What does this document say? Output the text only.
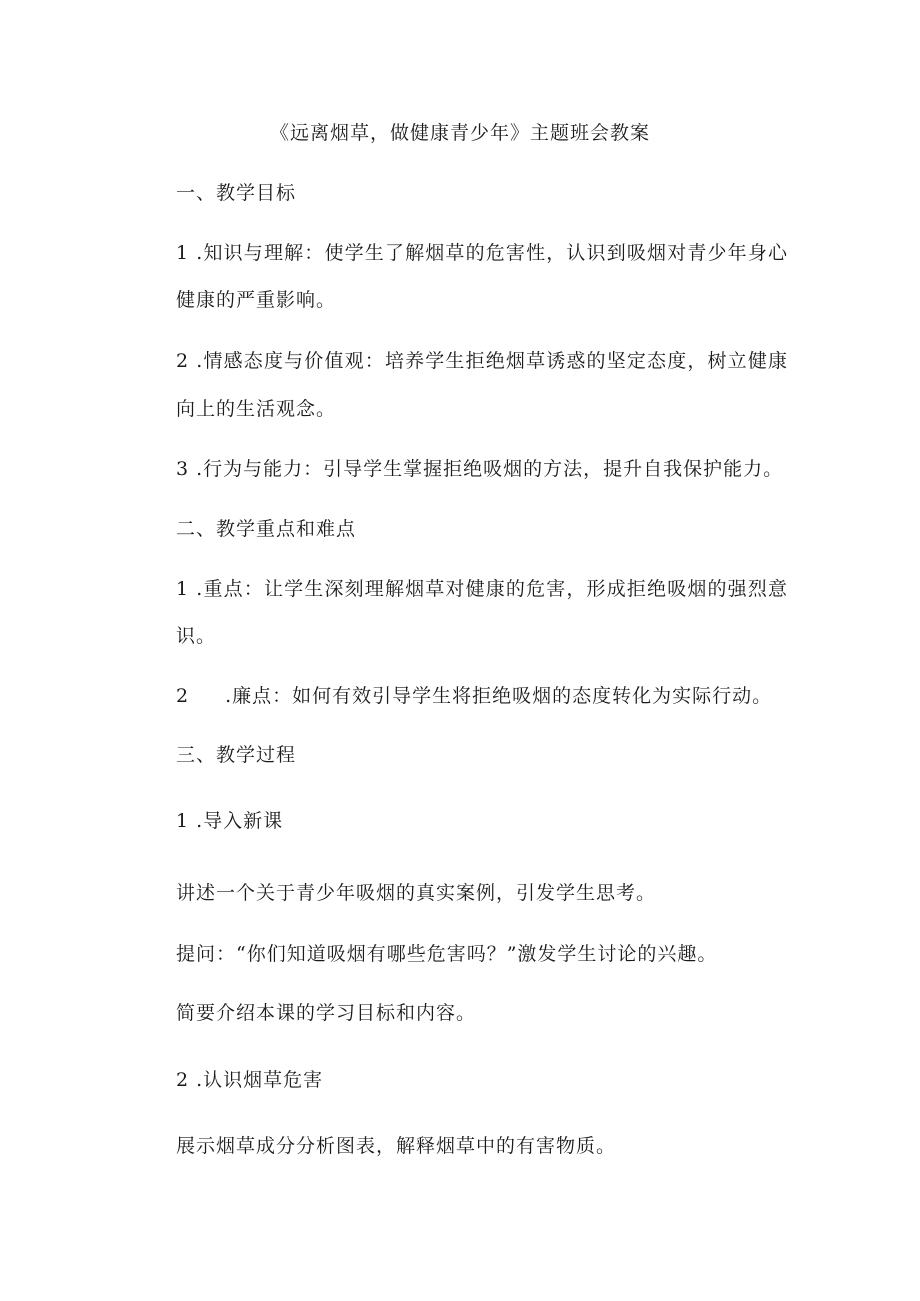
《远离烟草，做健康青少年》主题班会教案
一、教学目标
1 .知识与理解：使学生了解烟草的危害性，认识到吸烟对青少年身心
健康的严重影响。
2 .情感态度与价值观：培养学生拒绝烟草诱惑的坚定态度，树立健康
向上的生活观念。
3 .行为与能力：引导学生掌握拒绝吸烟的方法，提升自我保护能力。
二、教学重点和难点
1 .重点：让学生深刻理解烟草对健康的危害，形成拒绝吸烟的强烈意
识。
2 .廉点：如何有效引导学生将拒绝吸烟的态度转化为实际行动。
三、教学过程
1 .导入新课
讲述一个关于青少年吸烟的真实案例，引发学生思考。
提问：“你们知道吸烟有哪些危害吗？”激发学生讨论的兴趣。
简要介绍本课的学习目标和内容。
2 .认识烟草危害
展示烟草成分分析图表，解释烟草中的有害物质。
